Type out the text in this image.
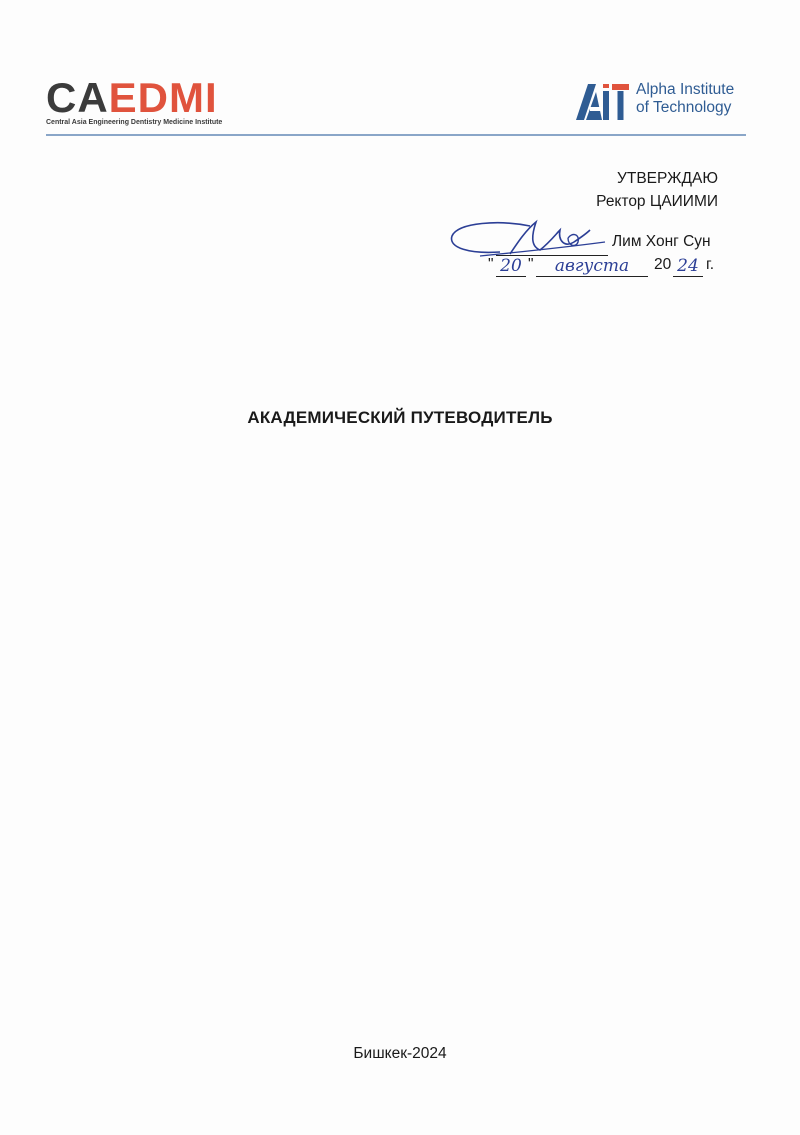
CAEDMI
Central Asia Engineering Dentistry Medicine Institute
Alpha Institute
of Technology
УТВЕРЖДАЮ
Ректор ЦАИИМИ
Лим Хонг Сун
" 20 "	августа	20 24 г.
АКАДЕМИЧЕСКИЙ ПУТЕВОДИТЕЛЬ
Бишкек-2024
